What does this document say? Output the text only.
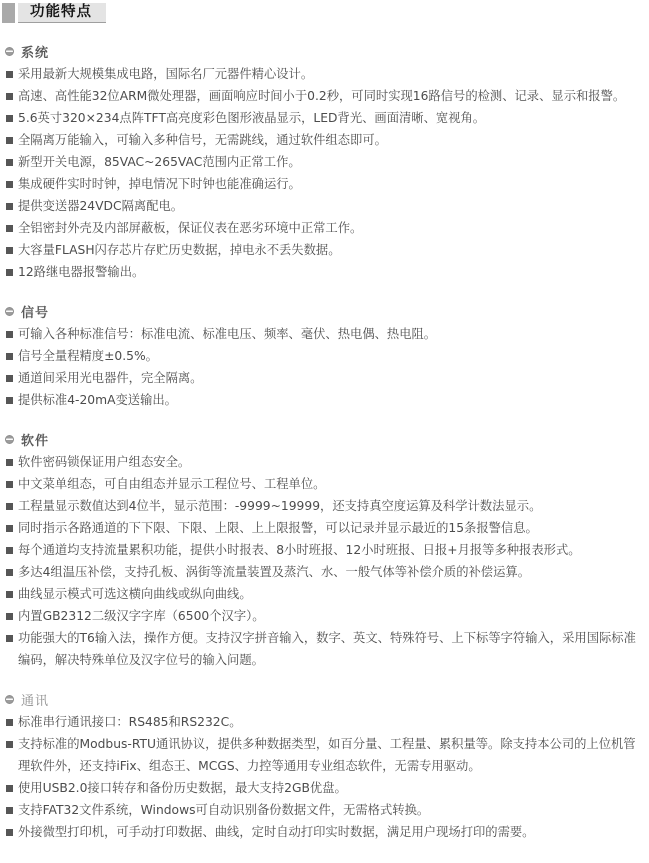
功能特点
系统
采用最新大规模集成电路，国际名厂元器件精心设计。
高速、高性能32位ARM微处理器，画面响应时间小于0.2秒，可同时实现16路信号的检测、记录、显示和报警。
5.6英寸320×234点阵TFT高亮度彩色图形液晶显示，LED背光、画面清晰、宽视角。
全隔离万能输入，可输入多种信号，无需跳线，通过软件组态即可。
新型开关电源，85VAC~265VAC范围内正常工作。
集成硬件实时时钟，掉电情况下时钟也能准确运行。
提供变送器24VDC隔离配电。
全铝密封外壳及内部屏蔽板，保证仪表在恶劣环境中正常工作。
大容量FLASH闪存芯片存贮历史数据，掉电永不丢失数据。
12路继电器报警输出。
信号
可输入各种标准信号：标准电流、标准电压、频率、毫伏、热电偶、热电阻。
信号全量程精度±0.5%。
通道间采用光电器件，完全隔离。
提供标准4-20mA变送输出。
软件
软件密码锁保证用户组态安全。
中文菜单组态，可自由组态并显示工程位号、工程单位。
工程量显示数值达到4位半，显示范围：-9999~19999，还支持真空度运算及科学计数法显示。
同时指示各路通道的下下限、下限、上限、上上限报警，可以记录并显示最近的15条报警信息。
每个通道均支持流量累积功能，提供小时报表、8小时班报、12小时班报、日报+月报等多种报表形式。
多达4组温压补偿，支持孔板、涡街等流量装置及蒸汽、水、一般气体等补偿介质的补偿运算。
曲线显示模式可选这横向曲线或纵向曲线。
内置GB2312二级汉字字库（6500个汉字）。
功能强大的T6输入法，操作方便。支持汉字拼音输入，数字、英文、特殊符号、上下标等字符输入，采用国际标准编码，解决特殊单位及汉字位号的输入问题。
通讯
标准串行通讯接口：RS485和RS232C。
支持标准的Modbus-RTU通讯协议，提供多种数据类型，如百分量、工程量、累积量等。除支持本公司的上位机管理软件外，还支持iFix、组态王、MCGS、力控等通用专业组态软件，无需专用驱动。
使用USB2.0接口转存和备份历史数据，最大支持2GB优盘。
支持FAT32文件系统，Windows可自动识别备份数据文件，无需格式转换。
外接微型打印机，可手动打印数据、曲线，定时自动打印实时数据，满足用户现场打印的需要。
